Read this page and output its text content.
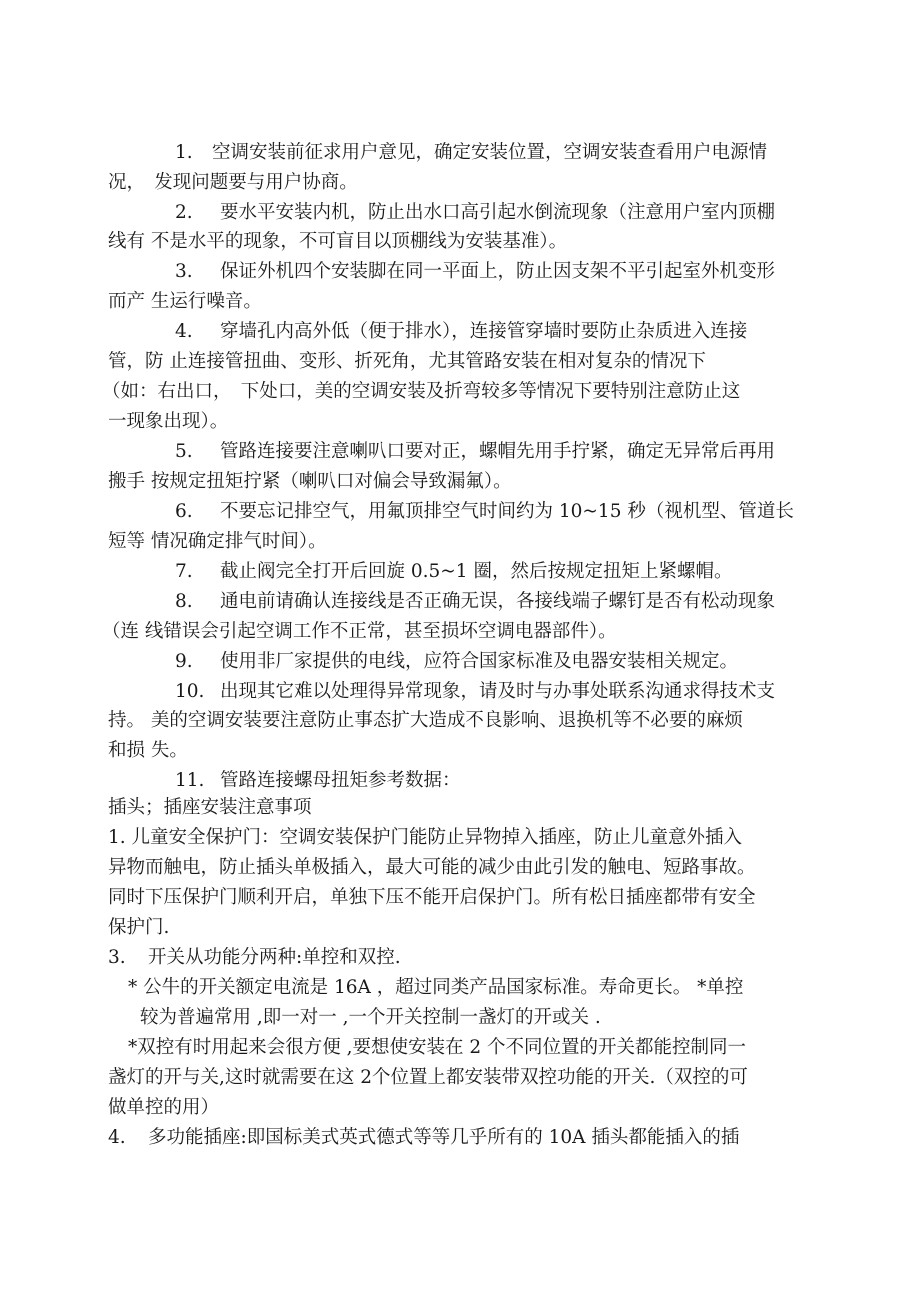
1. 空调安装前征求用户意见，确定安装位置，空调安装查看用户电源情
况，　发现问题要与用户协商。
2. 要水平安装内机，防止出水口高引起水倒流现象（注意用户室内顶棚
线有 不是水平的现象，不可盲目以顶棚线为安装基准）。
3. 保证外机四个安装脚在同一平面上，防止因支架不平引起室外机变形
而产 生运行噪音。
4. 穿墙孔内高外低（便于排水），连接管穿墙时要防止杂质进入连接
管，防 止连接管扭曲、变形、折死角，尤其管路安装在相对复杂的情况下
（如：右出口，　下处口，美的空调安装及折弯较多等情况下要特别注意防止这
一现象出现）。
5. 管路连接要注意喇叭口要对正，螺帽先用手拧紧，确定无异常后再用
搬手 按规定扭矩拧紧（喇叭口对偏会导致漏氟）。
6. 不要忘记排空气，用氟顶排空气时间约为 10~15 秒（视机型、管道长
短等 情况确定排气时间）。
7. 截止阀完全打开后回旋 0.5~1 圈，然后按规定扭矩上紧螺帽。
8. 通电前请确认连接线是否正确无误，各接线端子螺钉是否有松动现象
（连 线错误会引起空调工作不正常，甚至损坏空调电器部件）。
9. 使用非厂家提供的电线，应符合国家标准及电器安装相关规定。
10. 出现其它难以处理得异常现象，请及时与办事处联系沟通求得技术支
持。 美的空调安装要注意防止事态扩大造成不良影响、退换机等不必要的麻烦
和损 失。
11. 管路连接螺母扭矩参考数据：
插头；插座安装注意事项
1. 儿童安全保护门：空调安装保护门能防止异物掉入插座，防止儿童意外插入
异物而触电，防止插头单极插入，最大可能的减少由此引发的触电、短路事故。
同时下压保护门顺利开启，单独下压不能开启保护门。所有松日插座都带有安全
保护门.
3. 开关从功能分两种:单控和双控.
* 公牛的开关额定电流是 16A ，超过同类产品国家标准。寿命更长。 *单控
较为普遍常用 ,即一对一 ,一个开关控制一盏灯的开或关 .
*双控有时用起来会很方便 ,要想使安装在 2 个不同位置的开关都能控制同一
盏灯的开与关,这时就需要在这 2个位置上都安装带双控功能的开关.（双控的可
做单控的用）
4. 多功能插座:即国标美式英式德式等等几乎所有的 10A 插头都能插入的插
